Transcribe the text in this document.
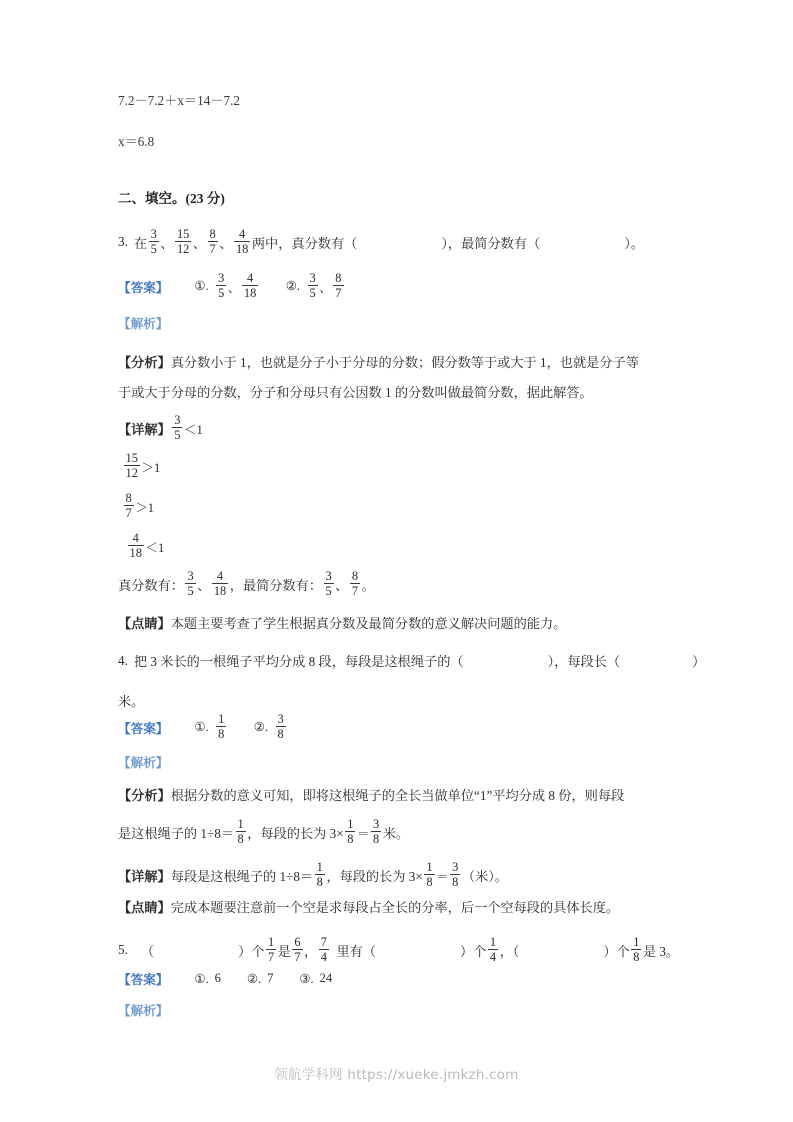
7.2－7.2＋x＝14－7.2
x＝6.8
二、填空。(23 分)
3. 在 $\frac{3}{5}$ 、 $\frac{15}{12}$ 、 $\frac{8}{7}$ 、 $\frac{4}{18}$ 两中，真分数有（	），最简分数有（	）。
【答案】 ①. $\frac{3}{5}$ 、 $\frac{4}{18}$ ②. $\frac{3}{5}$ 、 $\frac{8}{7}$
【解析】
【分析】真分数小于 1，也就是分子小于分母的分数；假分数等于或大于 1，也就是分子等
于或大于分母的分数，分子和分母只有公因数 1 的分数叫做最简分数，据此解答。
【详解】 $\frac{3}{5} <1$
$\frac{15}{12} >1$
$\frac{8}{7} >1$
$\frac{4}{18} <1$
真分数有： $\frac{3}{5}$ 、 $\frac{4}{18}$ ，最简分数有： $\frac{3}{5}$ 、 $\frac{8}{7}$ 。
【点睛】本题主要考查了学生根据真分数及最简分数的意义解决问题的能力。
4. 把 3 米长的一根绳子平均分成 8 段，每段是这根绳子的（	），每段长（	）
米。
【答案】 ①. $\frac{1}{8}$ ②. $\frac{3}{8}$
【解析】
【分析】根据分数的意义可知，即将这根绳子的全长当做单位“1”平均分成 8 份，则每段
是这根绳子的 $1\div 8= \frac{1}{8}$ ，每段的长为 $3\times \frac{1}{8} = \frac{3}{8}$ 米。
【详解】 每段是这根绳子的 $1\div 8= \frac{1}{8}$ ，每段的长为 $3\times \frac{1}{8} = \frac{3}{8}$ （米）。
【点睛】完成本题要注意前一个空是求每段占全长的分率，后一个空每段的具体长度。
5. （	）个 $\frac{1}{7}$ 是 $\frac{6}{7}$ ， $\frac{7}{4}$ 里有（	）个 $\frac{1}{4}$ ，（	）个 $\frac{1}{8}$ 是 3。
【答案】 ①. 6 ②. 7 ③. 24
【解析】
领航学科网 https://xueke.jmkzh.com
